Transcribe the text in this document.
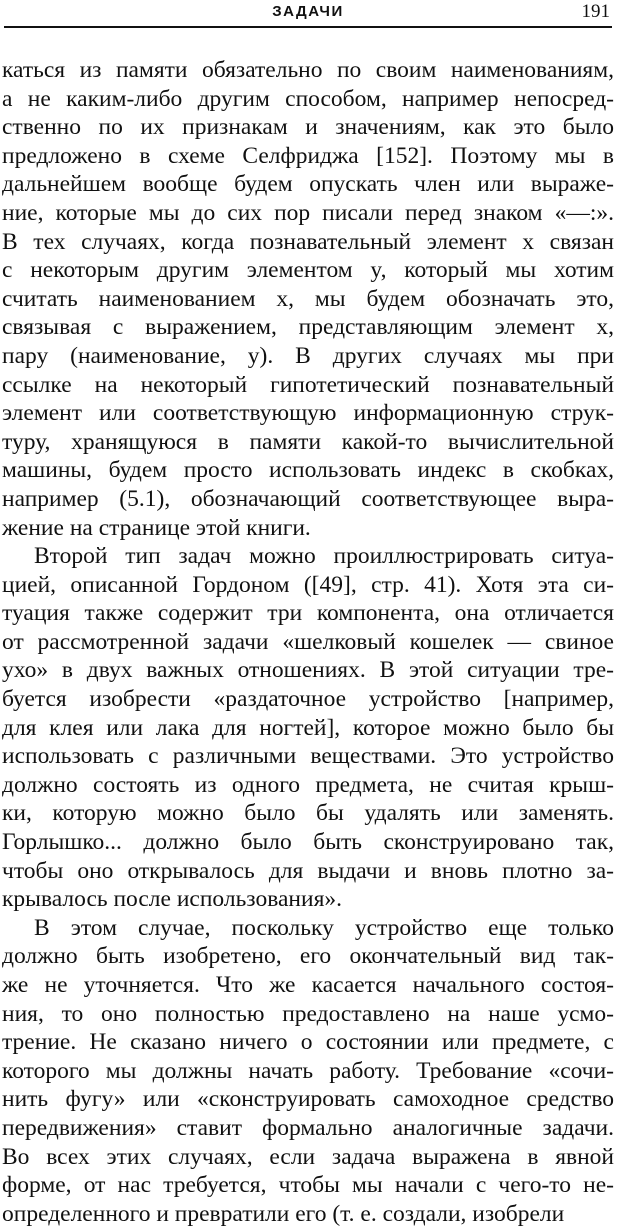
ЗАДАЧИ	191
каться из памяти обязательно по своим наименованиям,
а не каким-либо другим способом, например непосред-
ственно по их признакам и значениям, как это было
предложено в схеме Селфриджа [152]. Поэтому мы в
дальнейшем вообще будем опускать член или выраже-
ние, которые мы до сих пор писали перед знаком «—:».
В тех случаях, когда познавательный элемент x связан
с некоторым другим элементом y, который мы хотим
считать наименованием x, мы будем обозначать это,
связывая с выражением, представляющим элемент x,
пару (наименование, y). В других случаях мы при
ссылке на некоторый гипотетический познавательный
элемент или соответствующую информационную струк-
туру, хранящуюся в памяти какой-то вычислительной
машины, будем просто использовать индекс в скобках,
например (5.1), обозначающий соответствующее выра-
жение на странице этой книги.
Второй тип задач можно проиллюстрировать ситуа-
цией, описанной Гордоном ([49], стр. 41). Хотя эта си-
туация также содержит три компонента, она отличается
от рассмотренной задачи «шелковый кошелек — свиное
ухо» в двух важных отношениях. В этой ситуации тре-
буется изобрести «раздаточное устройство [например,
для клея или лака для ногтей], которое можно было бы
использовать с различными веществами. Это устройство
должно состоять из одного предмета, не считая крыш-
ки, которую можно было бы удалять или заменять.
Горлышко... должно было быть сконструировано так,
чтобы оно открывалось для выдачи и вновь плотно за-
крывалось после использования».
В этом случае, поскольку устройство еще только
должно быть изобретено, его окончательный вид так-
же не уточняется. Что же касается начального состоя-
ния, то оно полностью предоставлено на наше усмо-
трение. Не сказано ничего о состоянии или предмете, с
которого мы должны начать работу. Требование «сочи-
нить фугу» или «сконструировать самоходное средство
передвижения» ставит формально аналогичные задачи.
Во всех этих случаях, если задача выражена в явной
форме, от нас требуется, чтобы мы начали с чего-то не-
определенного и превратили его (т. е. создали, изобрели
